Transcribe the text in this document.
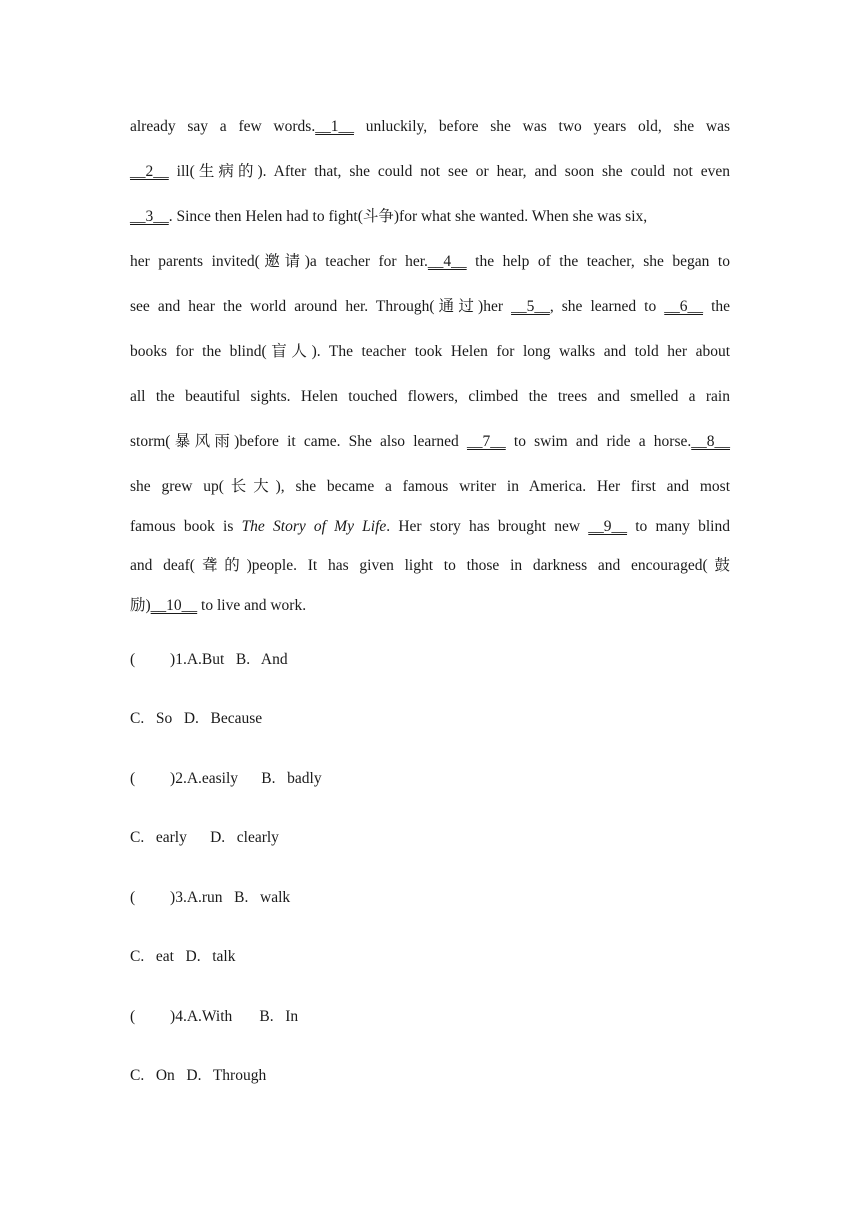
already say a few words.__1__ unluckily, before she was two years old, she was
__2__ ill(生病的). After that, she could not see or hear, and soon she could not even
__3__. Since then Helen had to fight(斗争)for what she wanted. When she was six,
her parents invited(邀请)a teacher for her.__4__ the help of the teacher, she began to
see and hear the world around her. Through(通过)her __5__, she learned to __6__ the
books for the blind(盲人). The teacher took Helen for long walks and told her about
all the beautiful sights. Helen touched flowers, climbed the trees and smelled a rain
storm(暴风雨)before it came. She also learned __7__ to swim and ride a horse.__8__
she grew up(长大), she became a famous writer in America. Her first and most
famous book is The Story of My Life. Her story has brought new __9__ to many blind
and deaf(聋的)people. It has given light to those in darkness and encouraged(鼓
励)__10__ to live and work.
(         )1.A.But   B.   And
C.   So   D.   Because
(         )2.A.easily      B.   badly
C.   early      D.   clearly
(         )3.A.run   B.   walk
C.   eat   D.   talk
(         )4.A.With       B.   In
C.   On   D.   Through
